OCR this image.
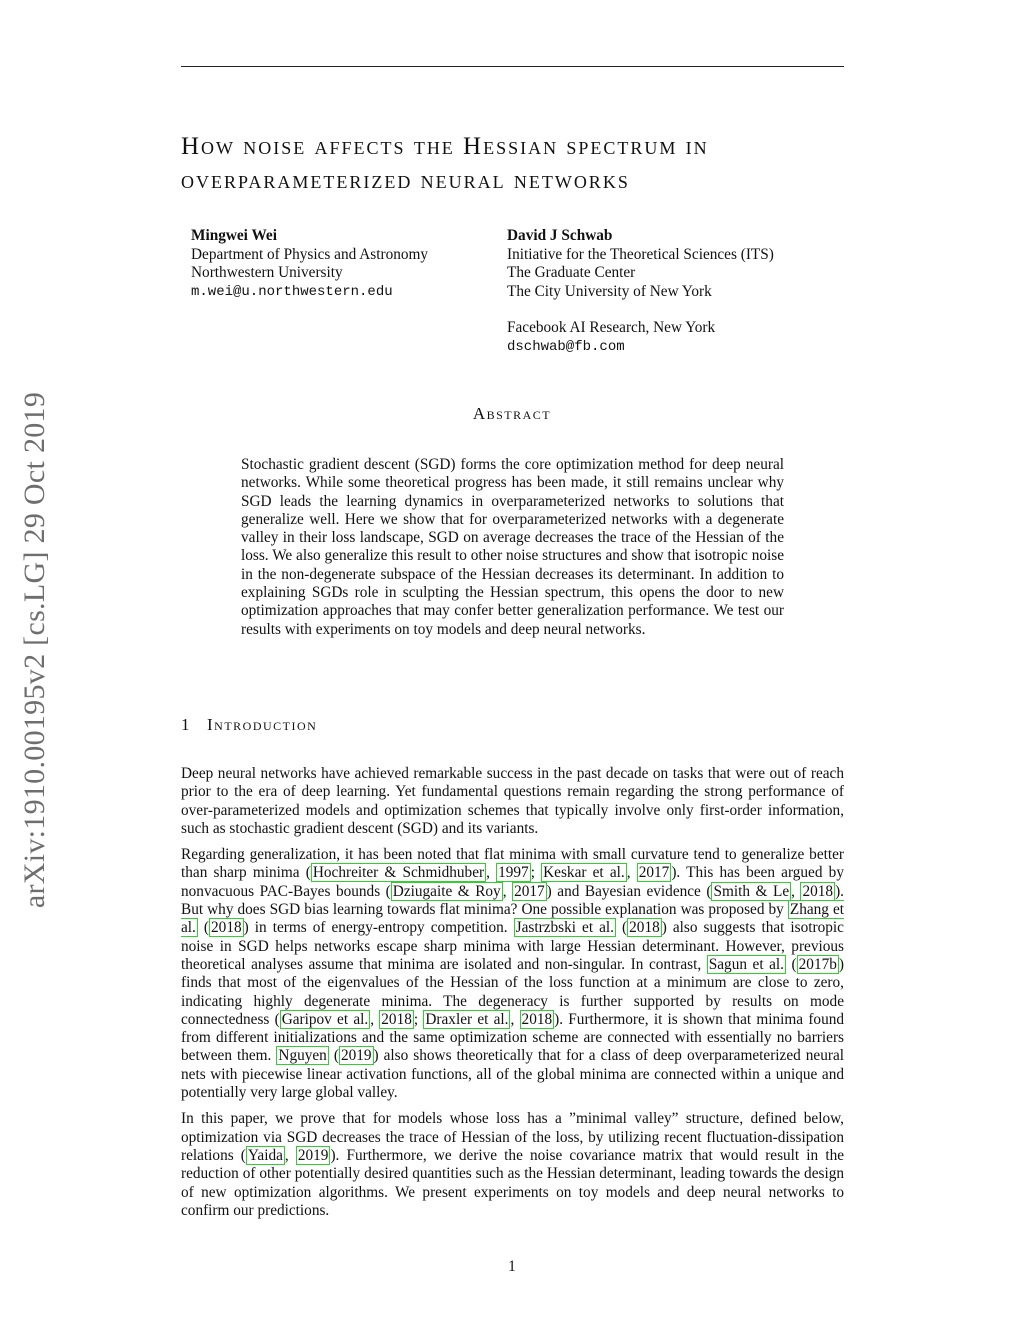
arXiv:1910.00195v2 [cs.LG] 29 Oct 2019
How noise affects the Hessian spectrum in
overparameterized neural networks
Mingwei Wei
Department of Physics and Astronomy
Northwestern University
m.wei@u.northwestern.edu
David J Schwab
Initiative for the Theoretical Sciences (ITS)
The Graduate Center
The City University of New York
Facebook AI Research, New York
dschwab@fb.com
Abstract

Stochastic gradient descent (SGD) forms the core optimization method for deep neural networks. While some theoretical progress has been made, it still remains unclear why SGD leads the learning dynamics in overparameterized networks to solutions that generalize well. Here we show that for overparameterized networks with a degenerate valley in their loss landscape, SGD on average decreases the trace of the Hessian of the loss. We also generalize this result to other noise structures and show that isotropic noise in the non-degenerate subspace of the Hessian decreases its determinant. In addition to explaining SGDs role in sculpting the Hessian spectrum, this opens the door to new optimization approaches that may confer better generalization performance. We test our results with experiments on toy models and deep neural networks.

1 Introduction

Deep neural networks have achieved remarkable success in the past decade on tasks that were out of reach prior to the era of deep learning. Yet fundamental questions remain regarding the strong performance of over-parameterized models and optimization schemes that typically involve only first-order information, such as stochastic gradient descent (SGD) and its variants.

Regarding generalization, it has been noted that flat minima with small curvature tend to generalize better than sharp minima ( Hochreiter & Schmidhuber , 1997 ; Keskar et al. , 2017 ). This has been argued by nonvacuous PAC-Bayes bounds ( Dziugaite & Roy , 2017 ) and Bayesian evidence ( Smith & Le , 2018 ). But why does SGD bias learning towards flat minima? One possible explanation was proposed by Zhang et al. ( 2018 ) in terms of energy-entropy competition. Jastrzbski et al. ( 2018 ) also suggests that isotropic noise in SGD helps networks escape sharp minima with large Hessian determinant. However, previous theoretical analyses assume that minima are isolated and non-singular. In contrast, Sagun et al. ( 2017b ) finds that most of the eigenvalues of the Hessian of the loss function at a minimum are close to zero, indicating highly degenerate minima. The degeneracy is further supported by results on mode connectedness ( Garipov et al. , 2018 ; Draxler et al. , 2018 ). Furthermore, it is shown that minima found from different initializations and the same optimization scheme are connected with essentially no barriers between them. Nguyen ( 2019 ) also shows theoretically that for a class of deep overparameterized neural nets with piecewise linear activation functions, all of the global minima are connected within a unique and potentially very large global valley.

In this paper, we prove that for models whose loss has a ”minimal valley” structure, defined below, optimization via SGD decreases the trace of Hessian of the loss, by utilizing recent fluctuation-dissipation relations ( Yaida , 2019 ). Furthermore, we derive the noise covariance matrix that would result in the reduction of other potentially desired quantities such as the Hessian determinant, leading towards the design of new optimization algorithms. We present experiments on toy models and deep neural networks to confirm our predictions.

1
